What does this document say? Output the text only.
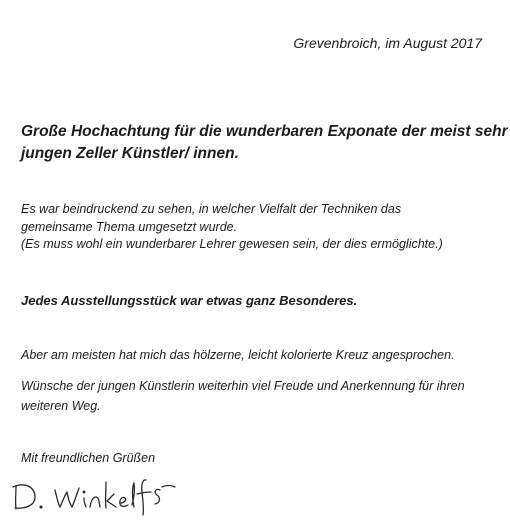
Grevenbroich, im August 2017
Große Hochachtung für die wunderbaren Exponate der meist sehr
jungen Zeller Künstler/ innen.
Es war beindruckend zu sehen, in welcher Vielfalt der Techniken das
gemeinsame Thema umgesetzt wurde.
(Es muss wohl ein wunderbarer Lehrer gewesen sein, der dies ermöglichte.)
Jedes Ausstellungsstück war etwas ganz Besonderes.
Aber am meisten hat mich das hölzerne, leicht kolorierte Kreuz angesprochen.
Wünsche der jungen Künstlerin weiterhin viel Freude und Anerkennung für ihren
weiteren Weg.
Mit freundlichen Grüßen
